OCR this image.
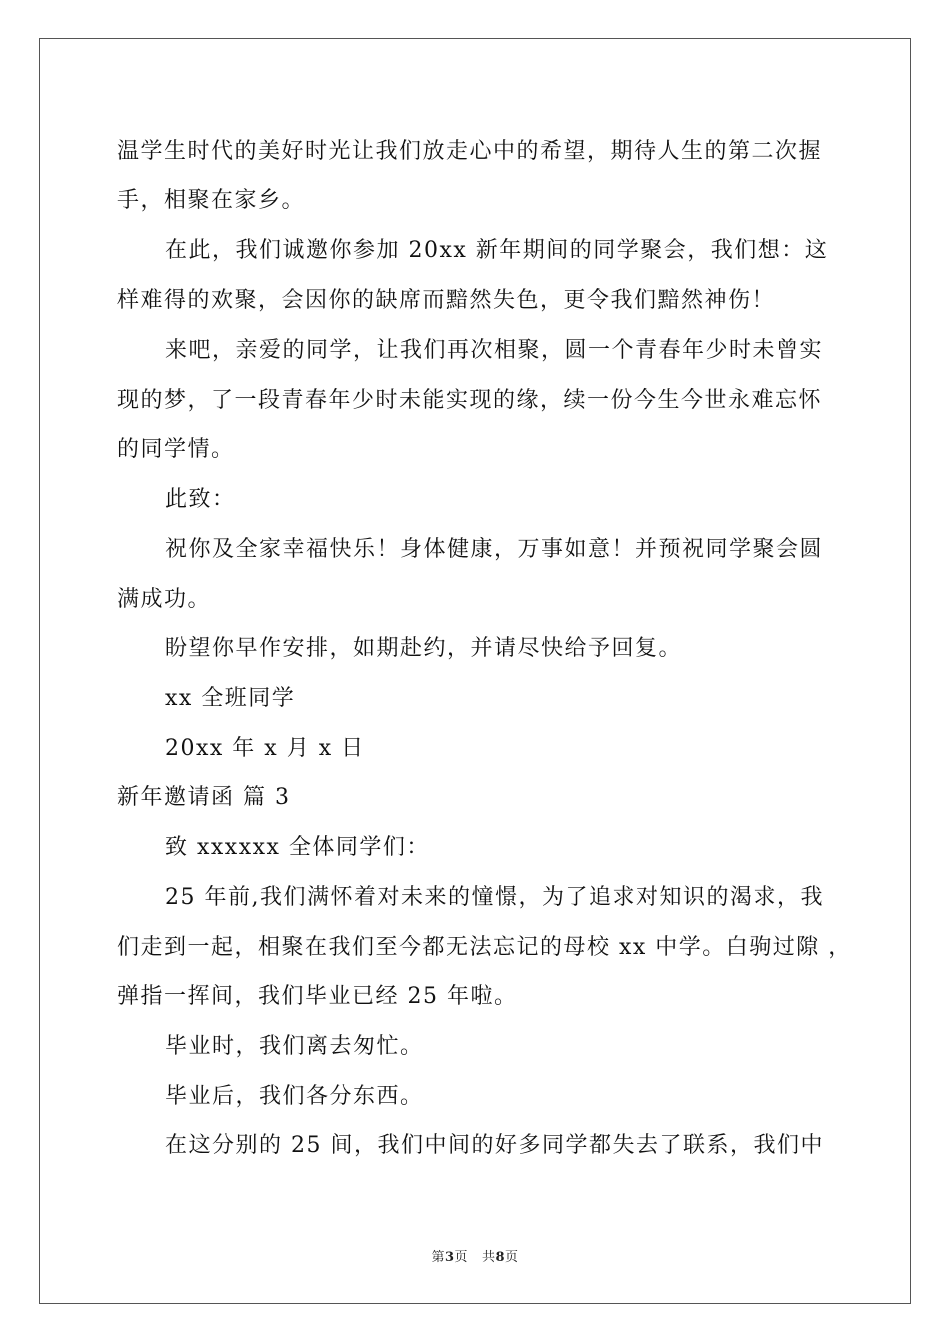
温学生时代的美好时光让我们放走心中的希望，期待人生的第二次握
手，相聚在家乡。
在此，我们诚邀你参加 20xx 新年期间的同学聚会，我们想：这
样难得的欢聚，会因你的缺席而黯然失色，更令我们黯然神伤！
来吧，亲爱的同学，让我们再次相聚，圆一个青春年少时未曾实
现的梦，了一段青春年少时未能实现的缘，续一份今生今世永难忘怀
的同学情。
此致：
祝你及全家幸福快乐！身体健康，万事如意！并预祝同学聚会圆
满成功。
盼望你早作安排，如期赴约，并请尽快给予回复。
xx 全班同学
20xx 年 x 月 x 日
新年邀请函 篇 3
致 xxxxxx 全体同学们：
25 年前,我们满怀着对未来的憧憬，为了追求对知识的渴求，我
们走到一起，相聚在我们至今都无法忘记的母校 xx 中学。白驹过隙 ，
弹指一挥间，我们毕业已经 25 年啦。
毕业时，我们离去匆忙。
毕业后，我们各分东西。
在这分别的 25 间，我们中间的好多同学都失去了联系，我们中
第3页   共8页
